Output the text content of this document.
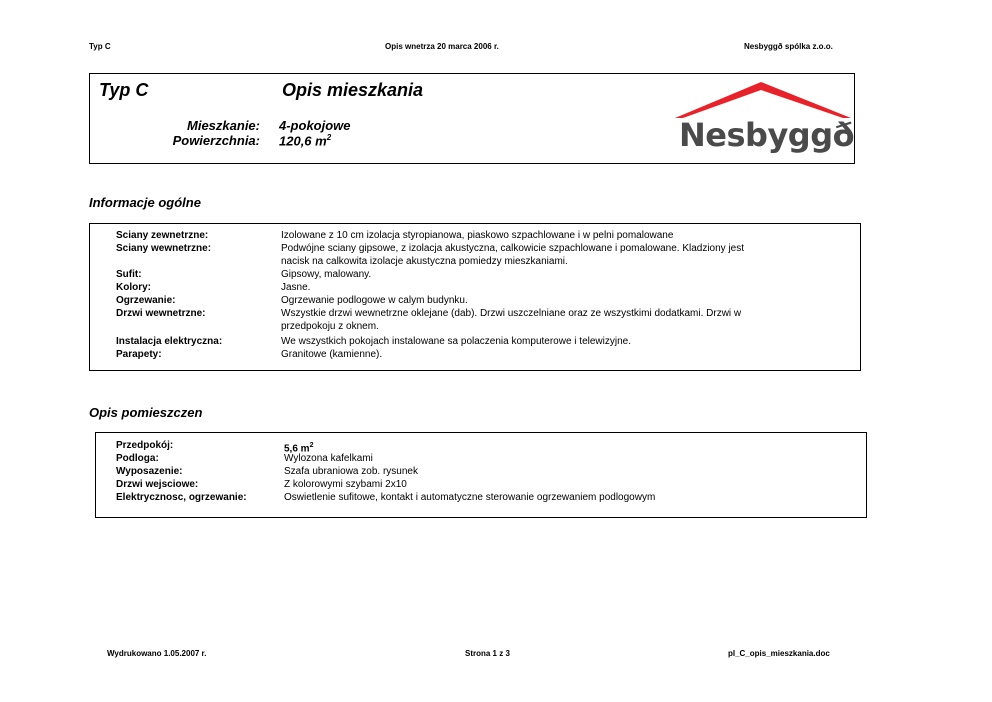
Typ C	Opis wnetrza 20 marca 2006 r.	Nesbyggð spólka z.o.o.
Typ C	Opis mieszkania
Mieszkanie: 4-pokojowe
Powierzchnia: 120,6 $m^2$	Nesbyggð
Informacje ogólne
Sciany zewnetrzne:	Izolowane z 10 cm izolacja styropianowa, piaskowo szpachlowane i w pelni pomalowane
Sciany wewnetrzne:	Podwójne sciany gipsowe, z izolacja akustyczna, calkowicie szpachlowane i pomalowane. Kladziony jest
nacisk na calkowita izolacje akustyczna pomiedzy mieszkaniami.
Sufit:	Gipsowy, malowany.
Kolory:	Jasne.
Ogrzewanie:	Ogrzewanie podlogowe w calym budynku.
Drzwi wewnetrzne:	Wszystkie drzwi wewnetrzne oklejane (dab). Drzwi uszczelniane oraz ze wszystkimi dodatkami. Drzwi w
przedpokoju z oknem.
Instalacja elektryczna:	We wszystkich pokojach instalowane sa polaczenia komputerowe i telewizyjne.
Parapety:	Granitowe (kamienne).
Opis pomieszczen
Przedpokój:	5,6 $m^2$
Podloga:	Wylozona kafelkami
Wyposazenie:	Szafa ubraniowa zob. rysunek
Drzwi wejsciowe:	Z kolorowymi szybami 2x10
Elektrycznosc, ogrzewanie:	Oswietlenie sufitowe, kontakt i automatyczne sterowanie ogrzewaniem podlogowym
Wydrukowano 1.05.2007 r.	Strona 1 z 3	pl_C_opis_mieszkania.doc
